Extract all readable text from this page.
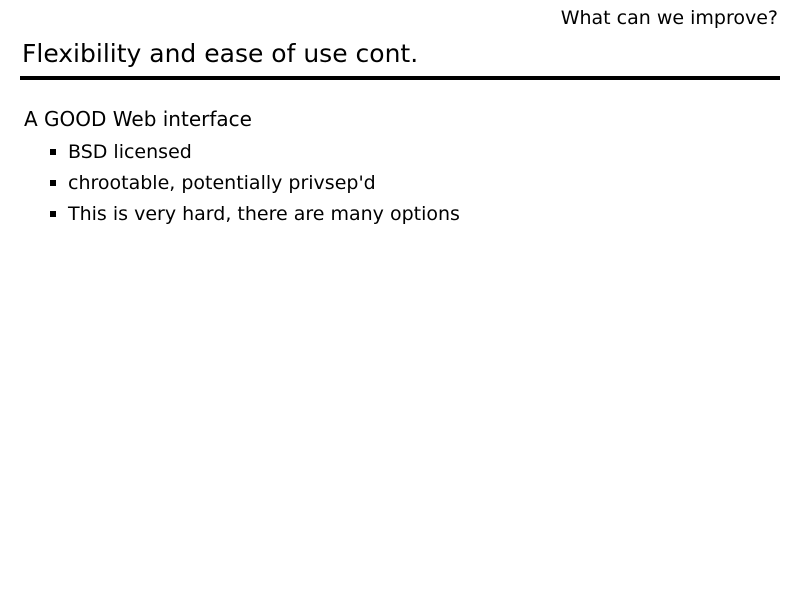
What can we improve?
Flexibility and ease of use cont.

A GOOD Web interface

BSD licensed
chrootable, potentially privsep'd
This is very hard, there are many options
